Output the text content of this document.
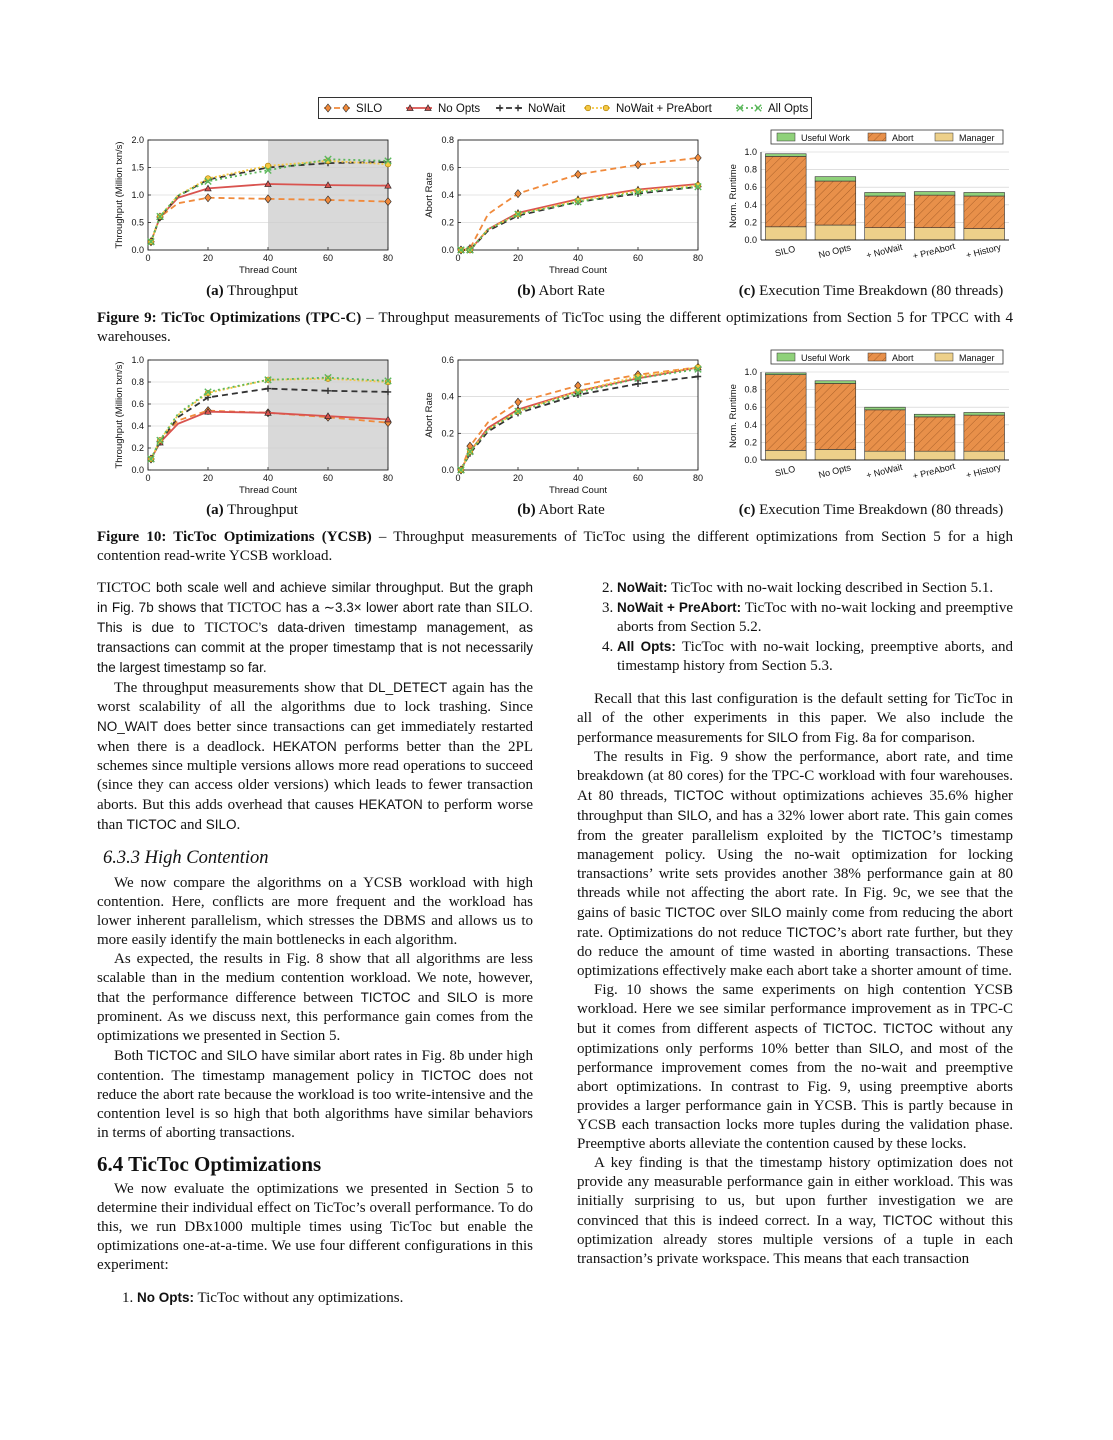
SILO	No Opts	NoWait	NoWait + PreAbort	All Opts
0.0
0.5
1.0
1.5
2.0
0	20	40	60	80
Thread Count
Throughput (Million txn/s)
0.0
0.2
0.4
0.6
0.8
0	20	40	60	80
Thread Count
Abort Rate
Useful Work	Abort	Manager
0.0
0.2
0.4
0.6
0.8
1.0
Norm. Runtime
SILO No Opts + NoWait + PreAbort + History
(a) Throughput	(b) Abort Rate	(c) Execution Time Breakdown (80 threads)
Figure 9: TicToc Optimizations (TPC-C) – Throughput measurements of TicToc using the different optimizations from Section 5 for TPCC with 4 warehouses.
0.0
0.2
0.4
0.6
0.8
1.0
0	20	40	60	80
Thread Count
Throughput (Million txn/s)
0.0
0.2
0.4
0.6
0	20	40	60	80
Thread Count
Abort Rate
Useful Work	Abort	Manager
0.0
0.2
0.4
0.6
0.8
1.0
Norm. Runtime
SILO No Opts + NoWait + PreAbort + History
(a) Throughput	(b) Abort Rate	(c) Execution Time Breakdown (80 threads)
Figure 10: TicToc Optimizations (YCSB) – Throughput measurements of TicToc using the different optimizations from Section 5 for a high contention read-write YCSB workload.

TICTOC both scale well and achieve similar throughput. But the graph in Fig. 7b shows that TICTOC has a ∼3.3× lower abort rate than SILO. This is due to TICTOC’s data-driven timestamp management, as transactions can commit at the proper timestamp that is not necessarily the largest timestamp so far.

The throughput measurements show that DL_DETECT again has the worst scalability of all the algorithms due to lock trashing. Since NO_WAIT does better since transactions can get immediately restarted when there is a deadlock. HEKATON performs better than the 2PL schemes since multiple versions allows more read operations to succeed (since they can access older versions) which leads to fewer transaction aborts. But this adds overhead that causes HEKATON to perform worse than TICTOC and SILO.

6.3.3 High Contention

We now compare the algorithms on a YCSB workload with high contention. Here, conflicts are more frequent and the workload has lower inherent parallelism, which stresses the DBMS and allows us to more easily identify the main bottlenecks in each algorithm.

As expected, the results in Fig. 8 show that all algorithms are less scalable than in the medium contention workload. We note, however, that the performance difference between TICTOC and SILO is more prominent. As we discuss next, this performance gain comes from the optimizations we presented in Section 5.

Both TICTOC and SILO have similar abort rates in Fig. 8b under high contention. The timestamp management policy in TICTOC does not reduce the abort rate because the workload is too write-intensive and the contention level is so high that both algorithms have similar behaviors in terms of aborting transactions.

6.4 TicToc Optimizations

We now evaluate the optimizations we presented in Section 5 to determine their individual effect on TicToc’s overall performance. To do this, we run DBx1000 multiple times using TicToc but enable the optimizations one-at-a-time. We use four different configurations in this experiment:

1. No Opts: TicToc without any optimizations.
2. NoWait: TicToc with no-wait locking described in Section 5.1.
3. NoWait + PreAbort: TicToc with no-wait locking and preemptive aborts from Section 5.2.
4. All Opts: TicToc with no-wait locking, preemptive aborts, and timestamp history from Section 5.3.

Recall that this last configuration is the default setting for TicToc in all of the other experiments in this paper. We also include the performance measurements for SILO from Fig. 8a for comparison.

The results in Fig. 9 show the performance, abort rate, and time breakdown (at 80 cores) for the TPC-C workload with four warehouses. At 80 threads, TICTOC without optimizations achieves 35.6% higher throughput than SILO, and has a 32% lower abort rate. This gain comes from the greater parallelism exploited by the TICTOC’s timestamp management policy. Using the no-wait optimization for locking transactions’ write sets provides another 38% performance gain at 80 threads while not affecting the abort rate. In Fig. 9c, we see that the gains of basic TICTOC over SILO mainly come from reducing the abort rate. Optimizations do not reduce TICTOC’s abort rate further, but they do reduce the amount of time wasted in aborting transactions. These optimizations effectively make each abort take a shorter amount of time.

Fig. 10 shows the same experiments on high contention YCSB workload. Here we see similar performance improvement as in TPC-C but it comes from different aspects of TICTOC. TICTOC without any optimizations only performs 10% better than SILO, and most of the performance improvement comes from the no-wait and preemptive abort optimizations. In contrast to Fig. 9, using preemptive aborts provides a larger performance gain in YCSB. This is partly because in YCSB each transaction locks more tuples during the validation phase. Preemptive aborts alleviate the contention caused by these locks.

A key finding is that the timestamp history optimization does not provide any measurable performance gain in either workload. This was initially surprising to us, but upon further investigation we are convinced that this is indeed correct. In a way, TICTOC without this optimization already stores multiple versions of a tuple in each transaction’s private workspace. This means that each transaction
